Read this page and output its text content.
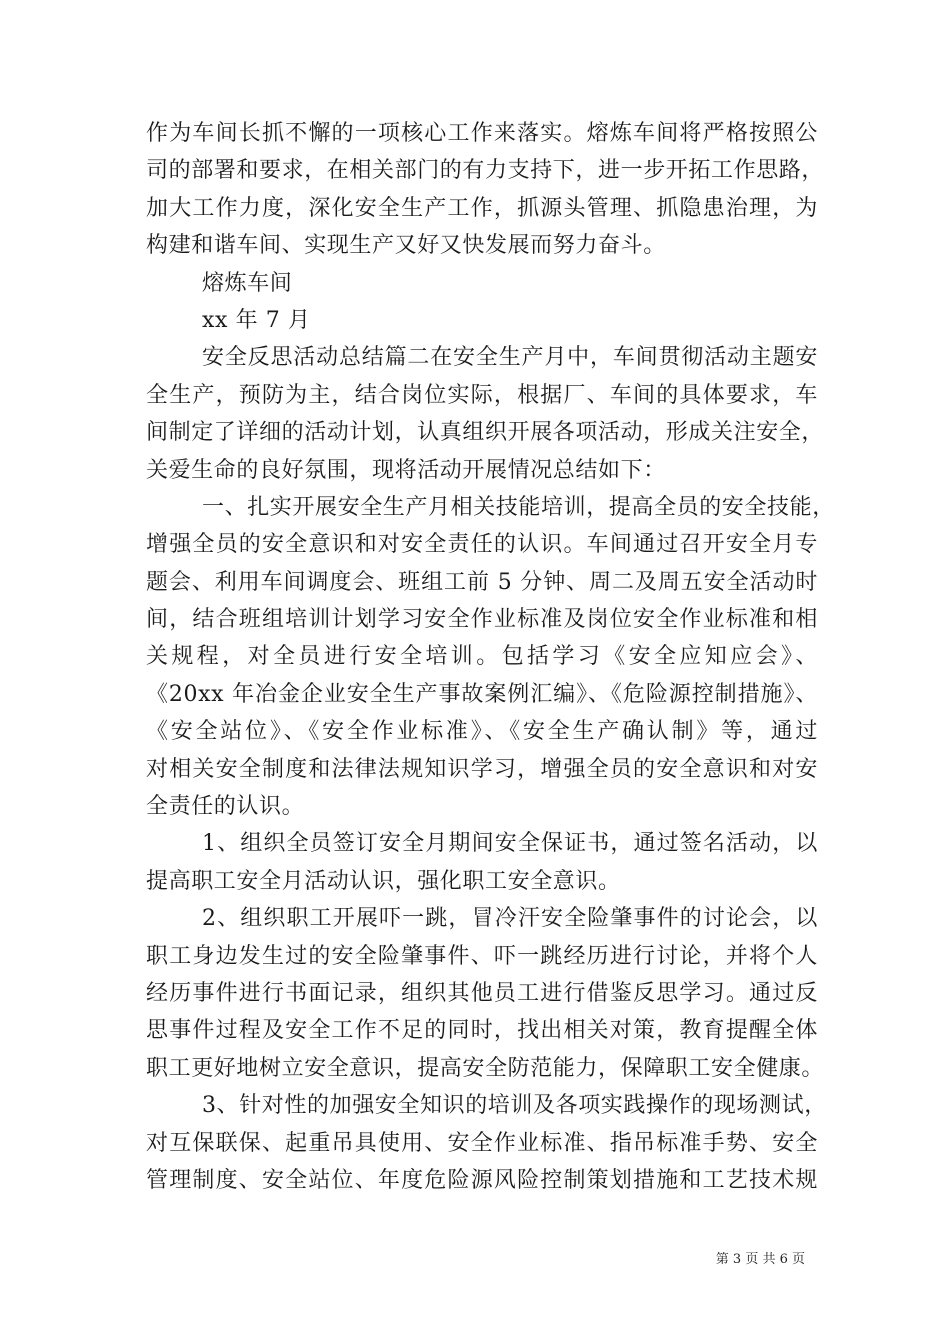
作为车间长抓不懈的一项核心工作来落实。熔炼车间将严格按照公
司的部署和要求，在相关部门的有力支持下，进一步开拓工作思路，
加大工作力度，深化安全生产工作，抓源头管理、抓隐患治理，为
构建和谐车间、实现生产又好又快发展而努力奋斗。
熔炼车间
xx 年 7 月
安全反思活动总结篇二在安全生产月中，车间贯彻活动主题安
全生产，预防为主，结合岗位实际，根据厂、车间的具体要求，车
间制定了详细的活动计划，认真组织开展各项活动，形成关注安全，
关爱生命的良好氛围，现将活动开展情况总结如下：
一、扎实开展安全生产月相关技能培训，提高全员的安全技能，
增强全员的安全意识和对安全责任的认识。车间通过召开安全月专
题会、利用车间调度会、班组工前 5 分钟、周二及周五安全活动时
间，结合班组培训计划学习安全作业标准及岗位安全作业标准和相
关规程，对全员进行安全培训。包括学习《安全应知应会》、
《20xx 年冶金企业安全生产事故案例汇编》、《危险源控制措施》、
《安全站位》、《安全作业标准》、《安全生产确认制》等，通过
对相关安全制度和法律法规知识学习，增强全员的安全意识和对安
全责任的认识。
1、组织全员签订安全月期间安全保证书，通过签名活动，以
提高职工安全月活动认识，强化职工安全意识。
2、组织职工开展吓一跳，冒冷汗安全险肇事件的讨论会，以
职工身边发生过的安全险肇事件、吓一跳经历进行讨论，并将个人
经历事件进行书面记录，组织其他员工进行借鉴反思学习。通过反
思事件过程及安全工作不足的同时，找出相关对策，教育提醒全体
职工更好地树立安全意识，提高安全防范能力，保障职工安全健康。
3、针对性的加强安全知识的培训及各项实践操作的现场测试，
对互保联保、起重吊具使用、安全作业标准、指吊标准手势、安全
管理制度、安全站位、年度危险源风险控制策划措施和工艺技术规
第 3 页 共 6 页
